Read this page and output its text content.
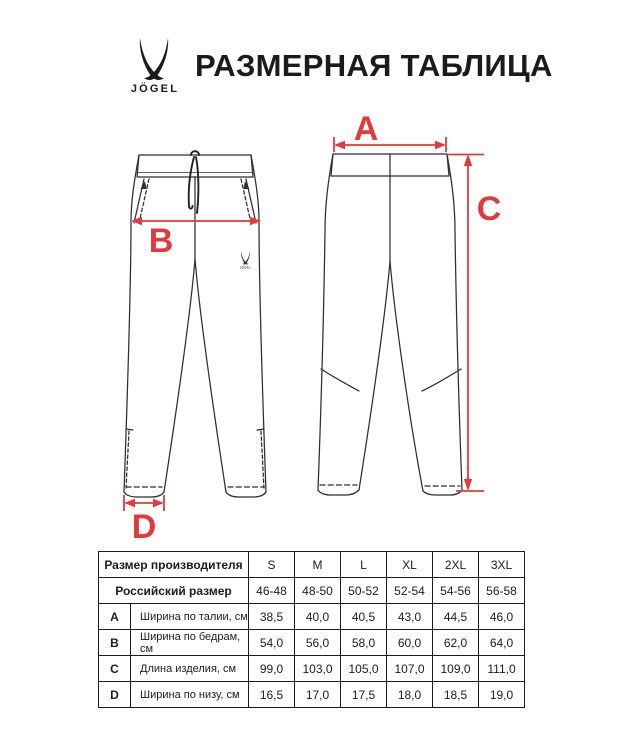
JÖGEL
РАЗМЕРНАЯ ТАБЛИЦА
JÖGEL
A
B
C
D
Размер производителя		S	M	L	XL	2XL	3XL
Российский размер		46-48	48-50	50-52	52-54	54-56	56-58
A	Ширина по талии, см	38,5	40,0	40,5	43,0	44,5	46,0
B	Ширина по бедрам, см	54,0	56,0	58,0	60,0	62,0	64,0
C	Длина изделия, см	99,0	103,0	105,0	107,0	109,0	111,0
D	Ширина по низу, см	16,5	17,0	17,5	18,0	18,5	19,0
